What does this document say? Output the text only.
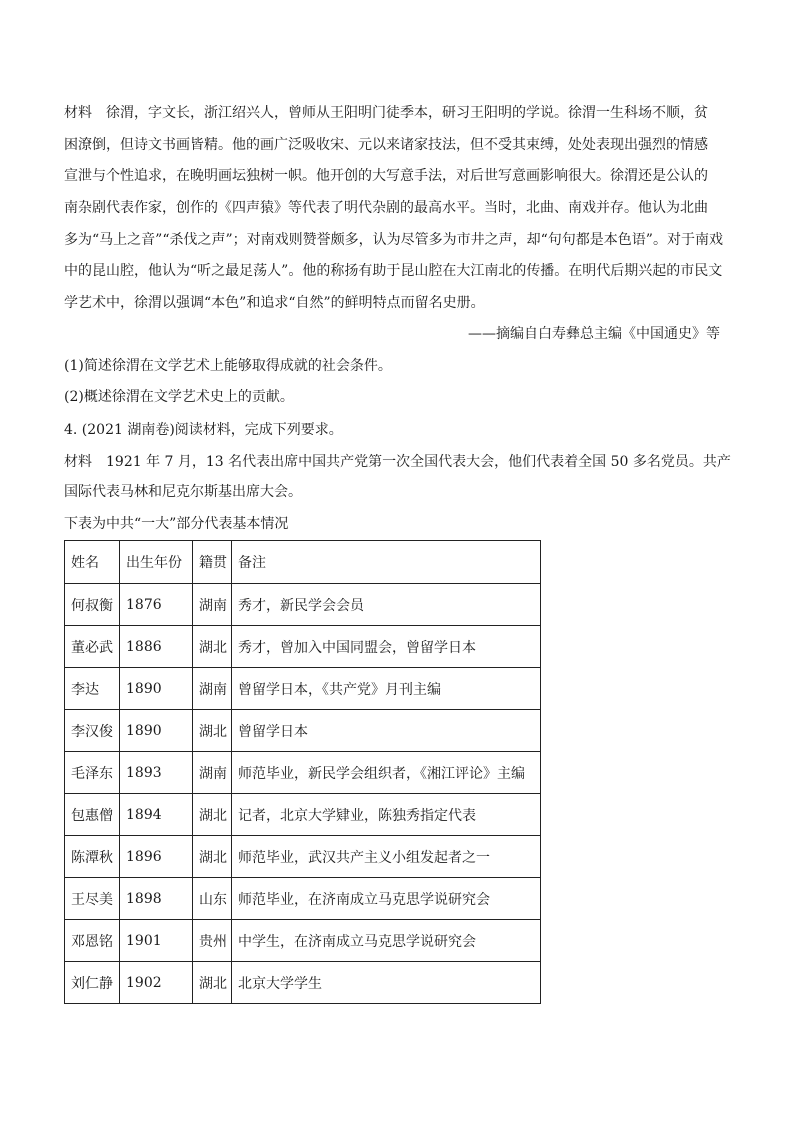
材料 徐渭，字文长，浙江绍兴人，曾师从王阳明门徒季本，研习王阳明的学说。徐渭一生科场不顺，贫
困潦倒，但诗文书画皆精。他的画广泛吸收宋、元以来诸家技法，但不受其束缚，处处表现出强烈的情感
宣泄与个性追求，在晚明画坛独树一帜。他开创的大写意手法，对后世写意画影响很大。徐渭还是公认的
南杂剧代表作家，创作的《四声猿》等代表了明代杂剧的最高水平。当时，北曲、南戏并存。他认为北曲
多为“马上之音”“杀伐之声”；对南戏则赞誉颇多，认为尽管多为市井之声，却“句句都是本色语”。对于南戏
中的昆山腔，他认为“听之最足荡人”。他的称扬有助于昆山腔在大江南北的传播。在明代后期兴起的市民文
学艺术中，徐渭以强调“本色”和追求“自然”的鲜明特点而留名史册。
——摘编自白寿彝总主编《中国通史》等
(1)简述徐渭在文学艺术上能够取得成就的社会条件。
(2)概述徐渭在文学艺术史上的贡献。
4. (2021 湖南卷)阅读材料，完成下列要求。
材料 1921 年 7 月，13 名代表出席中国共产党第一次全国代表大会，他们代表着全国 50 多名党员。共产
国际代表马林和尼克尔斯基出席大会。
下表为中共“一大”部分代表基本情况
姓名	出生年份	籍贯	备注
何叔衡	1876	湖南	秀才，新民学会会员
董必武	1886	湖北	秀才，曾加入中国同盟会，曾留学日本
李达	1890	湖南	曾留学日本，《共产党》月刊主编
李汉俊	1890	湖北	曾留学日本
毛泽东	1893	湖南	师范毕业，新民学会组织者，《湘江评论》主编
包惠僧	1894	湖北	记者，北京大学肄业，陈独秀指定代表
陈潭秋	1896	湖北	师范毕业，武汉共产主义小组发起者之一
王尽美	1898	山东	师范毕业，在济南成立马克思学说研究会
邓恩铭	1901	贵州	中学生，在济南成立马克思学说研究会
刘仁静	1902	湖北	北京大学学生
